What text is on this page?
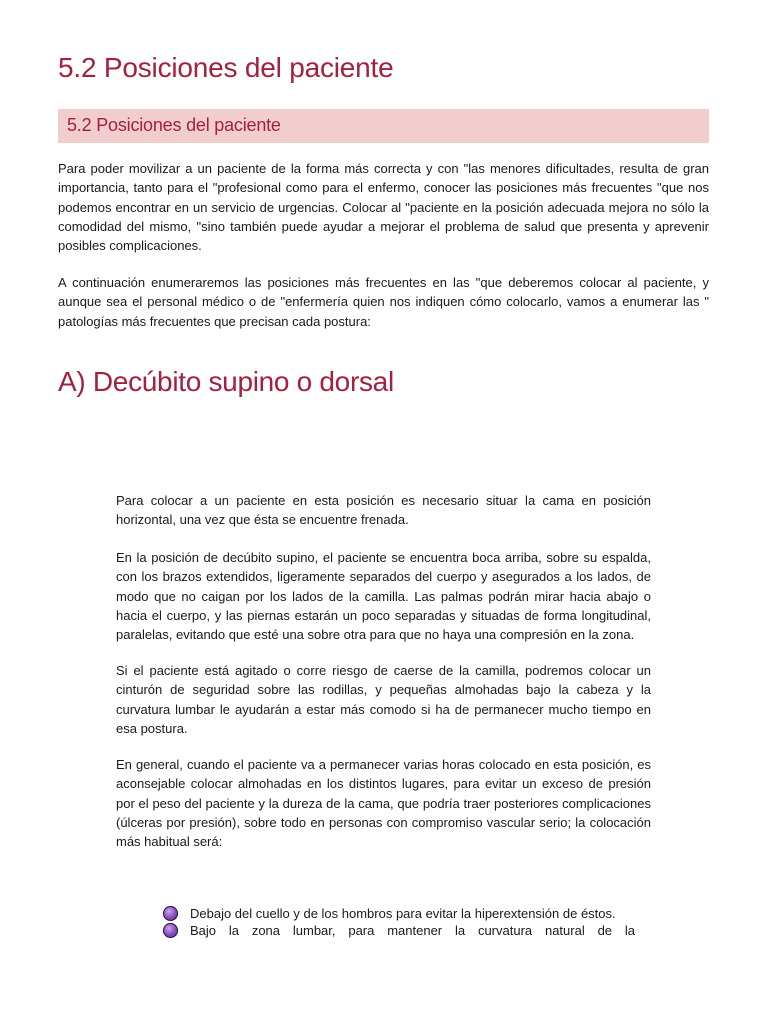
5.2 Posiciones del paciente
5.2 Posiciones del paciente

Para poder movilizar a un paciente de la forma más correcta y con "las menores dificultades, resulta de gran importancia, tanto para el "profesional como para el enfermo, conocer las posiciones más frecuentes "que nos podemos encontrar en un servicio de urgencias. Colocar al "paciente en la posición adecuada mejora no sólo la comodidad del mismo, "sino también puede ayudar a mejorar el problema de salud que presenta y aprevenir posibles complicaciones.

A continuación enumeraremos las posiciones más frecuentes en las "que deberemos colocar al paciente, y aunque sea el personal médico o de "enfermería quien nos indiquen cómo colocarlo, vamos a enumerar las " patologías más frecuentes que precisan cada postura:

A) Decúbito supino o dorsal

Para colocar a un paciente en esta posición es necesario situar la cama en posición horizontal, una vez que ésta se encuentre frenada.

En la posición de decúbito supino, el paciente se encuentra boca arriba, sobre su espalda, con los brazos extendidos, ligeramente separados del cuerpo y asegurados a los lados, de modo que no caigan por los lados de la camilla. Las palmas podrán mirar hacia abajo o hacia el cuerpo, y las piernas estarán un poco separadas y situadas de forma longitudinal, paralelas, evitando que esté una sobre otra para que no haya una compresión en la zona.

Si el paciente está agitado o corre riesgo de caerse de la camilla, podremos colocar un cinturón de seguridad sobre las rodillas, y pequeñas almohadas bajo la cabeza y la curvatura lumbar le ayudarán a estar más comodo si ha de permanecer mucho tiempo en esa postura.

En general, cuando el paciente va a permanecer varias horas colocado en esta posición, es aconsejable colocar almohadas en los distintos lugares, para evitar un exceso de presión por el peso del paciente y la dureza de la cama, que podría traer posteriores complicaciones (úlceras por presión), sobre todo en personas con compromiso vascular serio; la colocación más habitual será:

Debajo del cuello y de los hombros para evitar la hiperextensión de éstos.
Bajo la zona lumbar, para mantener la curvatura natural de la
